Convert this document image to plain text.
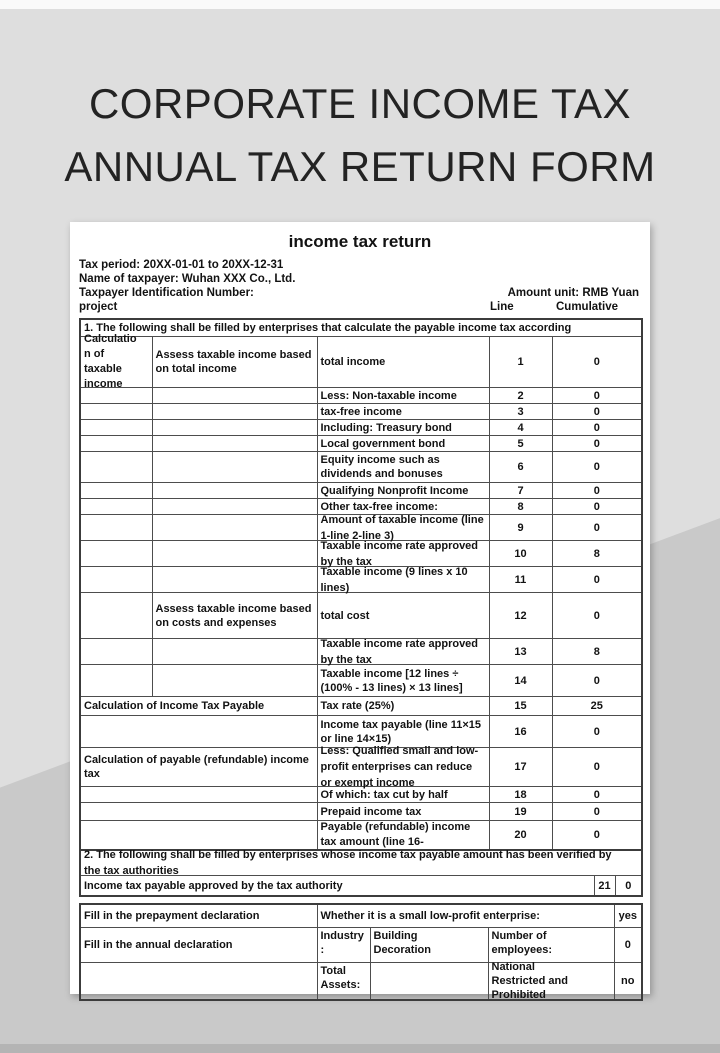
CORPORATE INCOME TAX
ANNUAL TAX RETURN FORM
income tax return
Tax period: 20XX-01-01 to 20XX-12-31
Name of taxpayer: Wuhan XXX Co., Ltd.
Taxpayer Identification Number:	Amount unit: RMB Yuan
project	Line	Cumulative
1. The following shall be filled by enterprises that calculate the payable income tax according				

Calculation of taxable income	Assess taxable income based on total income	total income	1	0

		Less: Non-taxable income	2	0

		tax-free income	3	0

		Including: Treasury bond	4	0

		Local government bond	5	0

		Equity income such as dividends and bonuses	6	0

		Qualifying Nonprofit Income	7	0

		Other tax-free income:	8	0

		Amount of taxable income (line 1-line 2-line 3)	9	0

		Taxable income rate approved by the tax	10	8

		Taxable income (9 lines x 10 lines)	11	0

	Assess taxable income based on costs and expenses	total cost	12	0

		Taxable income rate approved by the tax	13	8

		Taxable income [12 lines ÷ (100% - 13 lines) × 13 lines]	14	0

Calculation of Income Tax Payable		Tax rate (25%)	15	25

		Income tax payable (line 11×15 or line 14×15)	16	0

Calculation of payable (refundable) income tax		Less: Qualified small and low-profit enterprises can reduce or exempt income	17	0

		Of which: tax cut by half	18	0

		Prepaid income tax	19	0

		Payable (refundable) income tax amount (line 16-	20	0
2. The following shall be filled by enterprises whose income tax payable amount has been verified by the tax authorities

Income tax payable approved by the tax authority	21	0
Fill in the prepayment declaration	Whether it is a small low-profit enterprise:			yes

Fill in the annual declaration	Industry :	Building Decoration	Number of employees:	0

	Total Assets:		National Restricted and Prohibited	no
